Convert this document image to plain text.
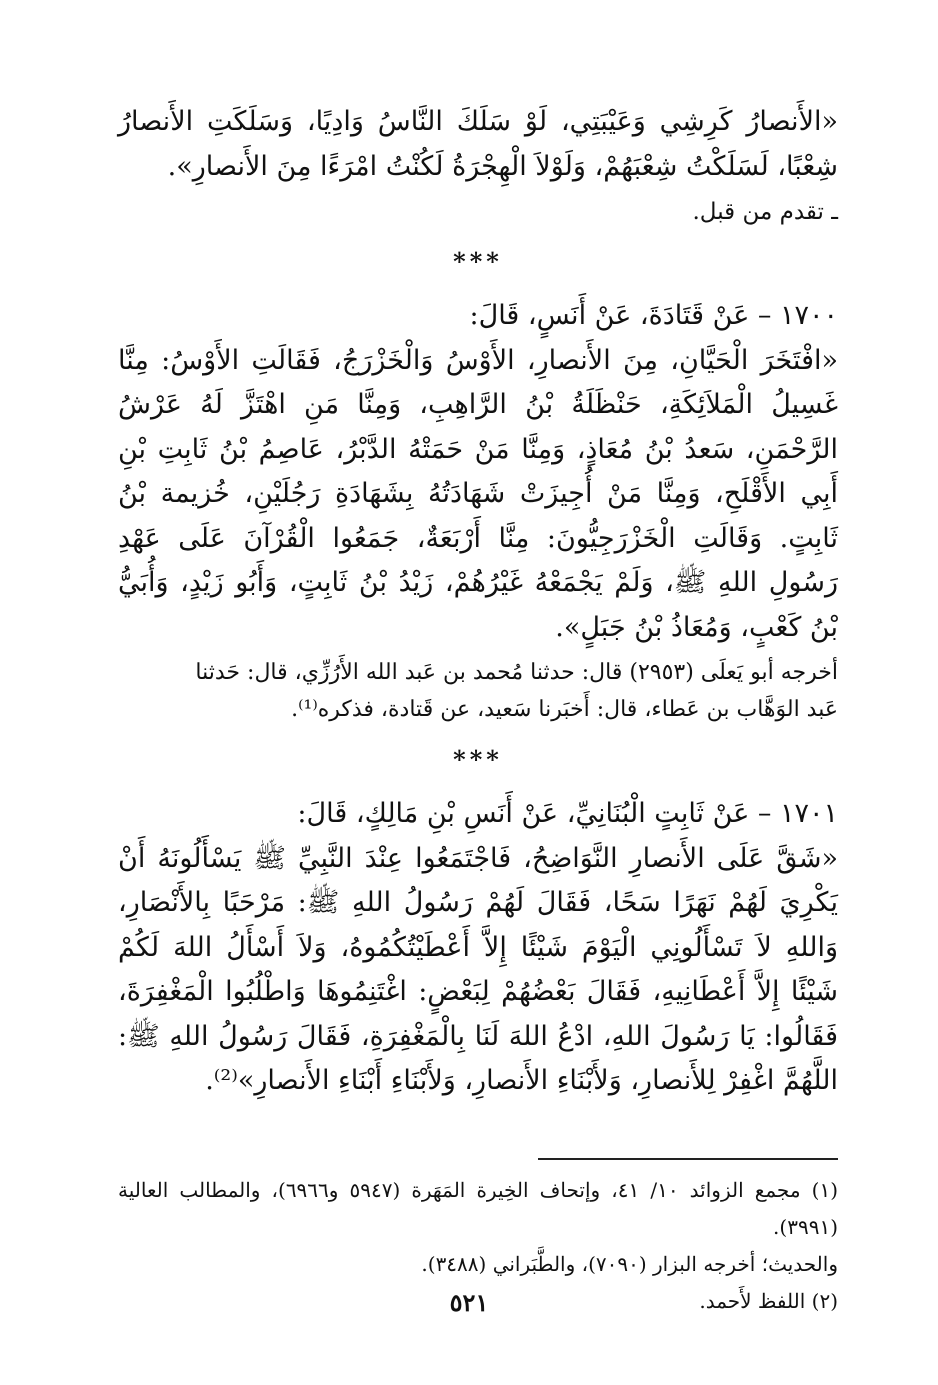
«الأَنصارُ كَرِشِي وَعَيْبَتِي، لَوْ سَلَكَ النَّاسُ وَادِيًا، وَسَلَكَتِ الأَنصارُ شِعْبًا، لَسَلَكْتُ شِعْبَهُمْ، وَلَوْلاَ الْهِجْرَةُ لَكُنْتُ امْرَءًا مِنَ الأَنصارِ».

ـ تقدم من قبل.

***

١٧٠٠ – عَنْ قَتَادَةَ، عَنْ أَنَسٍ، قَالَ:

«افْتَخَرَ الْحَيَّانِ، مِنَ الأَنصارِ، الأَوْسُ وَالْخَزْرَجُ، فَقَالَتِ الأَوْسُ: مِنَّا غَسِيلُ الْمَلاَئِكَةِ، حَنْظَلَةُ بْنُ الرَّاهِبِ، وَمِنَّا مَنِ اهْتَزَّ لَهُ عَرْشُ الرَّحْمَنِ، سَعدُ بْنُ مُعَاذٍ، وَمِنَّا مَنْ حَمَتْهُ الدَّبْرُ، عَاصِمُ بْنُ ثَابِتِ بْنِ أَبِي الأَقْلَحِ، وَمِنَّا مَنْ أُجِيزَتْ شَهَادَتُهُ بِشَهَادَةِ رَجُلَيْنِ، خُزيمة بْنُ ثَابِتٍ. وَقَالَتِ الْخَزْرَجِيُّونَ: مِنَّا أَرْبَعَةٌ، جَمَعُوا الْقُرْآنَ عَلَى عَهْدِ رَسُولِ اللهِ ﷺ، وَلَمْ يَجْمَعْهُ غَيْرُهُمْ، زَيْدُ بْنُ ثَابِتٍ، وَأَبُو زَيْدٍ، وَأُبَيُّ بْنُ كَعْبٍ، وَمُعَاذُ بْنُ جَبَلٍ».

أخرجه أبو يَعلَى (٢٩٥٣) قال: حدثنا مُحمد بن عَبد الله الأَرُزِّي، قال: حَدثنا

عَبد الوَهَّاب بن عَطاء، قال: أَخبَرنا سَعيد، عن قَتادة، فذكره⁽¹⁾.

***

١٧٠١ – عَنْ ثَابِتٍ الْبُنَانِيِّ، عَنْ أَنَسِ بْنِ مَالِكٍ، قَالَ:

«شَقَّ عَلَى الأَنصارِ النَّوَاضِحُ، فَاجْتَمَعُوا عِنْدَ النَّبِيِّ ﷺ يَسْأَلُونَهُ أَنْ يَكْرِيَ لَهُمْ نَهَرًا سَحًا، فَقَالَ لَهُمْ رَسُولُ اللهِ ﷺ: مَرْحَبًا بِالأَنْصَارِ، وَاللهِ لاَ تَسْأَلُونِي الْيَوْمَ شَيْئًا إِلاَّ أَعْطَيْتُكُمُوهُ، وَلاَ أَسْأَلُ اللهَ لَكُمْ شَيْئًا إِلاَّ أَعْطَانِيهِ، فَقَالَ بَعْضُهُمْ لِبَعْضٍ: اغْتَنِمُوهَا وَاطْلُبُوا الْمَغْفِرَةَ، فَقَالُوا: يَا رَسُولَ اللهِ، ادْعُ اللهَ لَنَا بِالْمَغْفِرَةِ، فَقَالَ رَسُولُ اللهِ ﷺ: اللَّهُمَّ اغْفِرْ لِلأَنصارِ، وَلأَبْنَاءِ الأَنصارِ، وَلأَبْنَاءِ أَبْنَاءِ الأَنصارِ»⁽²⁾.

(١) مجمع الزوائد ١٠/ ٤١، وإتحاف الخِيرة المَهَرة (٥٩٤٧ و٦٩٦٦)، والمطالب العالية (٣٩٩١).

والحديث؛ أخرجه البزار (٧٠٩٠)، والطَّبَراني (٣٤٨٨).

(٢) اللفظ لأَحمد.

٥٢١
